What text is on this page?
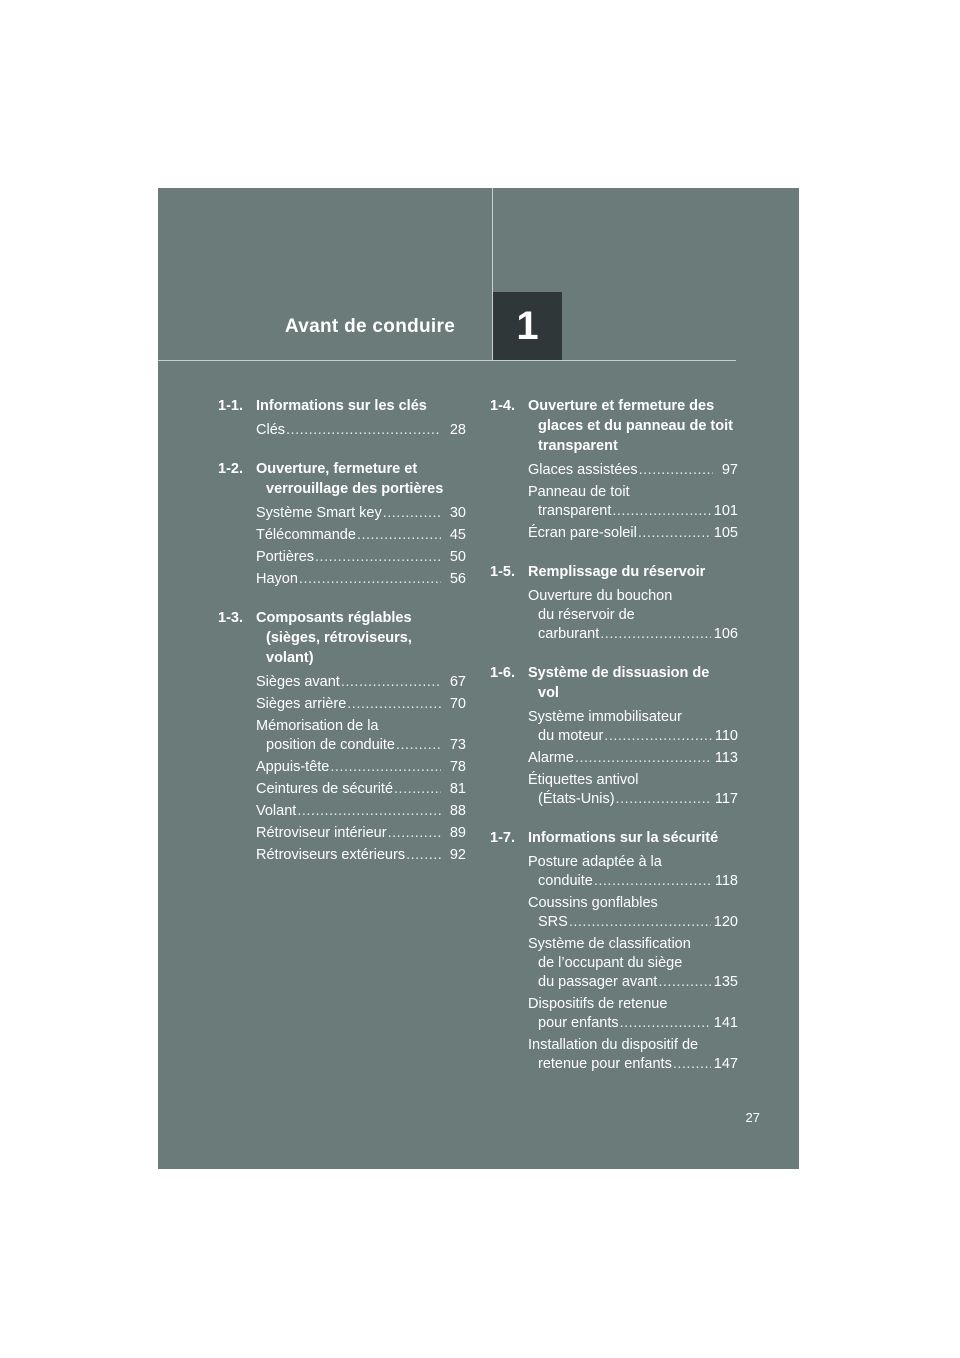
Avant de conduire	1
1-1. Informations sur les clés
Clés .....	28
1-2. Ouverture, fermeture et
verrouillage des portières
Système Smart key .....	30
Télécommande .....	45
Portières .....	50
Hayon .....	56
1-3. Composants réglables
(sièges, rétroviseurs,
volant)
Sièges avant .....	67
Sièges arrière .....	70
Mémorisation de la
position de conduite .....	73
Appuis-tête .....	78
Ceintures de sécurité .....	81
Volant .....	88
Rétroviseur intérieur .....	89
Rétroviseurs extérieurs .....	92
1-4. Ouverture et fermeture des
glaces et du panneau de toit
transparent
Glaces assistées .....	97
Panneau de toit
transparent .....	101
Écran pare-soleil .....	105
1-5. Remplissage du réservoir
Ouverture du bouchon
du réservoir de
carburant .....	106
1-6. Système de dissuasion de
vol
Système immobilisateur
du moteur .....	110
Alarme .....	113
Étiquettes antivol
(États-Unis) .....	117
1-7. Informations sur la sécurité
Posture adaptée à la
conduite .....	118
Coussins gonflables
SRS .....	120
Système de classification
de l’occupant du siège
du passager avant .....	135
Dispositifs de retenue
pour enfants .....	141
Installation du dispositif de
retenue pour enfants .....	147
27
